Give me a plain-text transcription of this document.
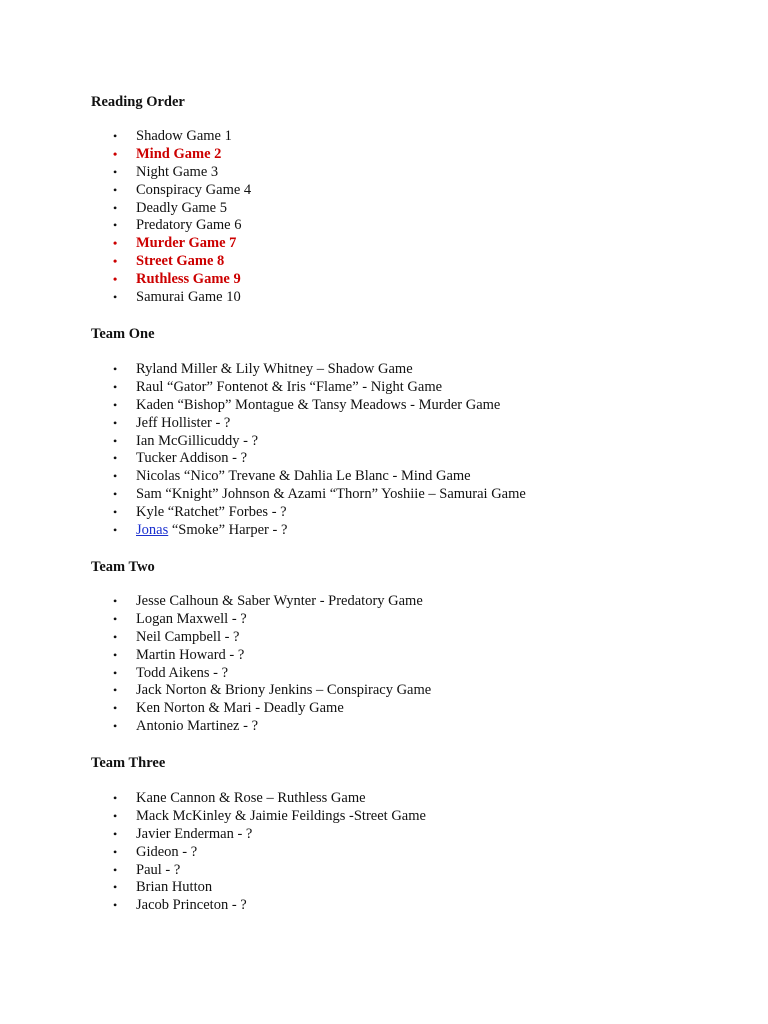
Reading Order
• Shadow Game 1
• Mind Game 2
• Night Game 3
• Conspiracy Game 4
• Deadly Game 5
• Predatory Game 6
• Murder Game 7
• Street Game 8
• Ruthless Game 9
• Samurai Game 10
Team One
• Ryland Miller & Lily Whitney – Shadow Game
• Raul “Gator” Fontenot & Iris “Flame” - Night Game
• Kaden “Bishop” Montague & Tansy Meadows - Murder Game
• Jeff Hollister - ?
• Ian McGillicuddy - ?
• Tucker Addison - ?
• Nicolas “Nico” Trevane & Dahlia Le Blanc - Mind Game
• Sam “Knight” Johnson & Azami “Thorn” Yoshiie – Samurai Game
• Kyle “Ratchet” Forbes - ?
• Jonas “Smoke” Harper - ?
Team Two
• Jesse Calhoun & Saber Wynter - Predatory Game
• Logan Maxwell - ?
• Neil Campbell - ?
• Martin Howard - ?
• Todd Aikens - ?
• Jack Norton & Briony Jenkins – Conspiracy Game
• Ken Norton & Mari - Deadly Game
• Antonio Martinez - ?
Team Three
• Kane Cannon & Rose – Ruthless Game
• Mack McKinley & Jaimie Feildings -Street Game
• Javier Enderman - ?
• Gideon - ?
• Paul - ?
• Brian Hutton
• Jacob Princeton - ?
